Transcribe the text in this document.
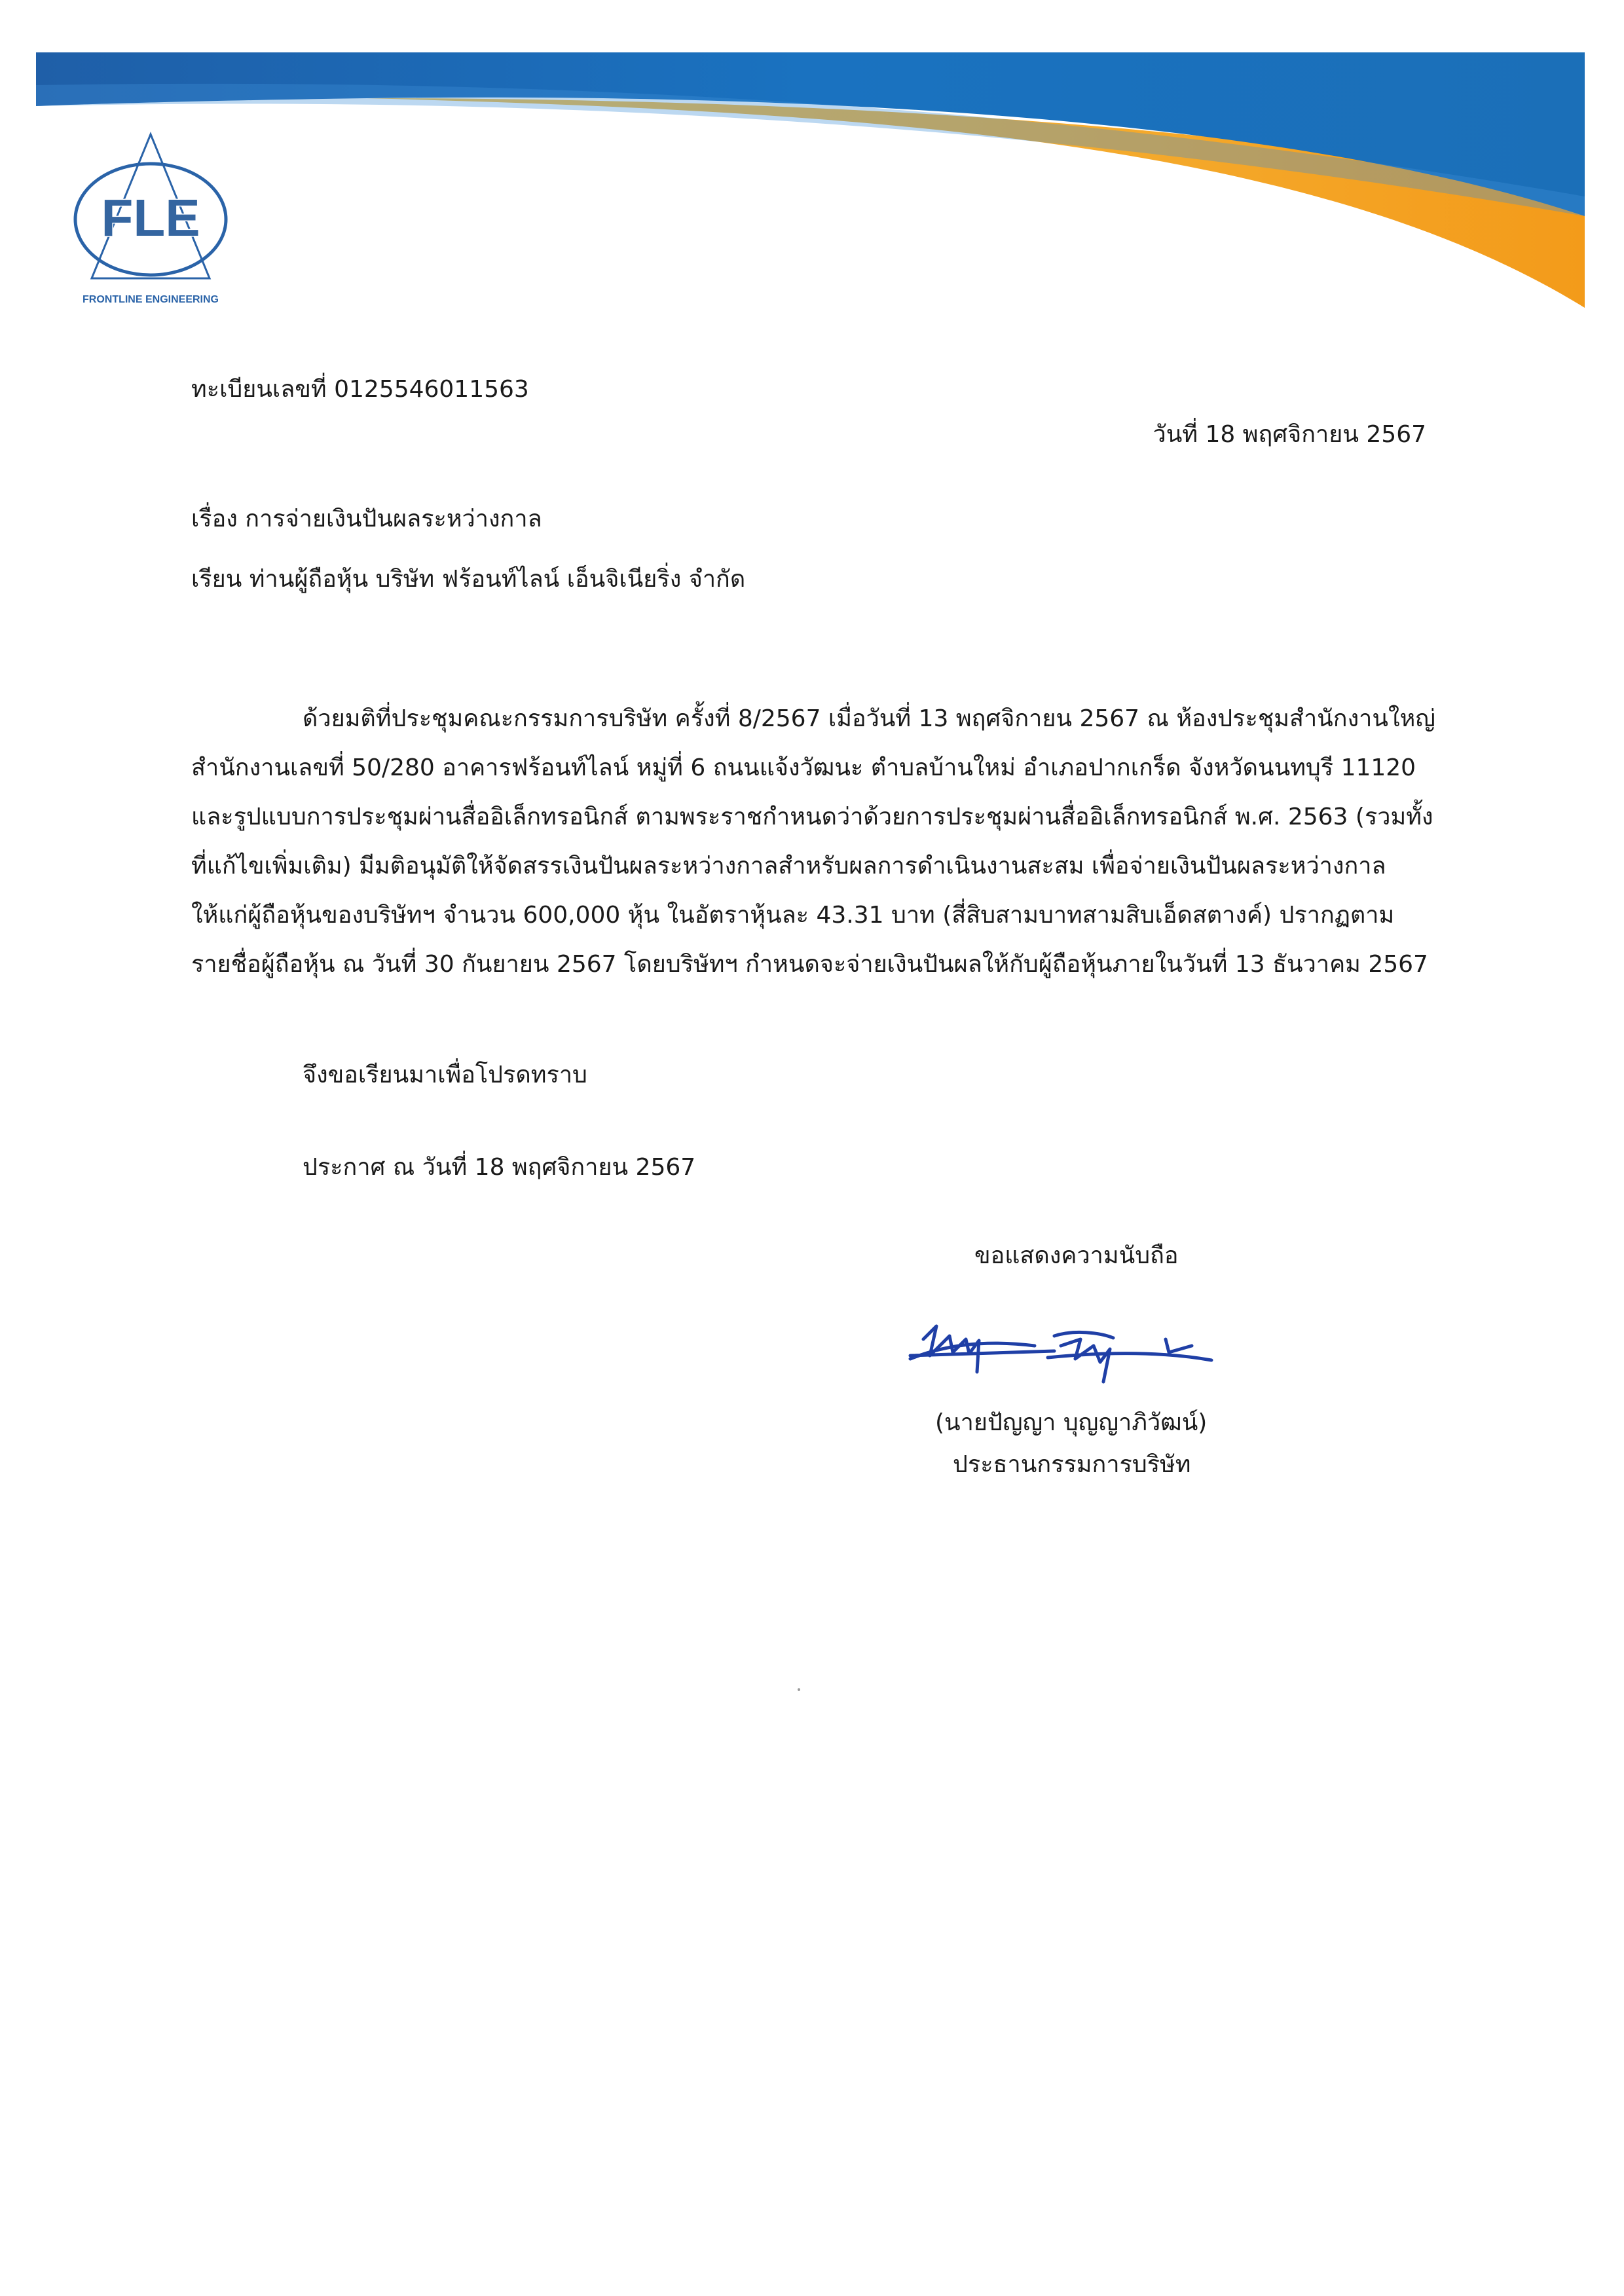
FLE
FRONTLINE ENGINEERING
ทะเบียนเลขที่ 0125546011563
วันที่ 18 พฤศจิกายน 2567
เรื่อง การจ่ายเงินปันผลระหว่างกาล
เรียน ท่านผู้ถือหุ้น บริษัท ฟร้อนท์ไลน์ เอ็นจิเนียริ่ง จำกัด
ด้วยมติที่ประชุมคณะกรรมการบริษัท ครั้งที่ 8/2567 เมื่อวันที่ 13 พฤศจิกายน 2567 ณ ห้องประชุมสำนักงานใหญ่
สำนักงานเลขที่ 50/280 อาคารฟร้อนท์ไลน์ หมู่ที่ 6 ถนนแจ้งวัฒนะ ตำบลบ้านใหม่ อำเภอปากเกร็ด จังหวัดนนทบุรี 11120
และรูปแบบการประชุมผ่านสื่ออิเล็กทรอนิกส์ ตามพระราชกำหนดว่าด้วยการประชุมผ่านสื่ออิเล็กทรอนิกส์ พ.ศ. 2563 (รวมทั้ง
ที่แก้ไขเพิ่มเติม) มีมติอนุมัติให้จัดสรรเงินปันผลระหว่างกาลสำหรับผลการดำเนินงานสะสม เพื่อจ่ายเงินปันผลระหว่างกาล
ให้แก่ผู้ถือหุ้นของบริษัทฯ จำนวน 600,000 หุ้น ในอัตราหุ้นละ 43.31 บาท (สี่สิบสามบาทสามสิบเอ็ดสตางค์) ปรากฏตาม
รายชื่อผู้ถือหุ้น ณ วันที่ 30 กันยายน 2567 โดยบริษัทฯ กำหนดจะจ่ายเงินปันผลให้กับผู้ถือหุ้นภายในวันที่ 13 ธันวาคม 2567
จึงขอเรียนมาเพื่อโปรดทราบ
ประกาศ ณ วันที่ 18 พฤศจิกายน 2567
ขอแสดงความนับถือ
(นายปัญญา บุญญาภิวัฒน์)
ประธานกรรมการบริษัท
